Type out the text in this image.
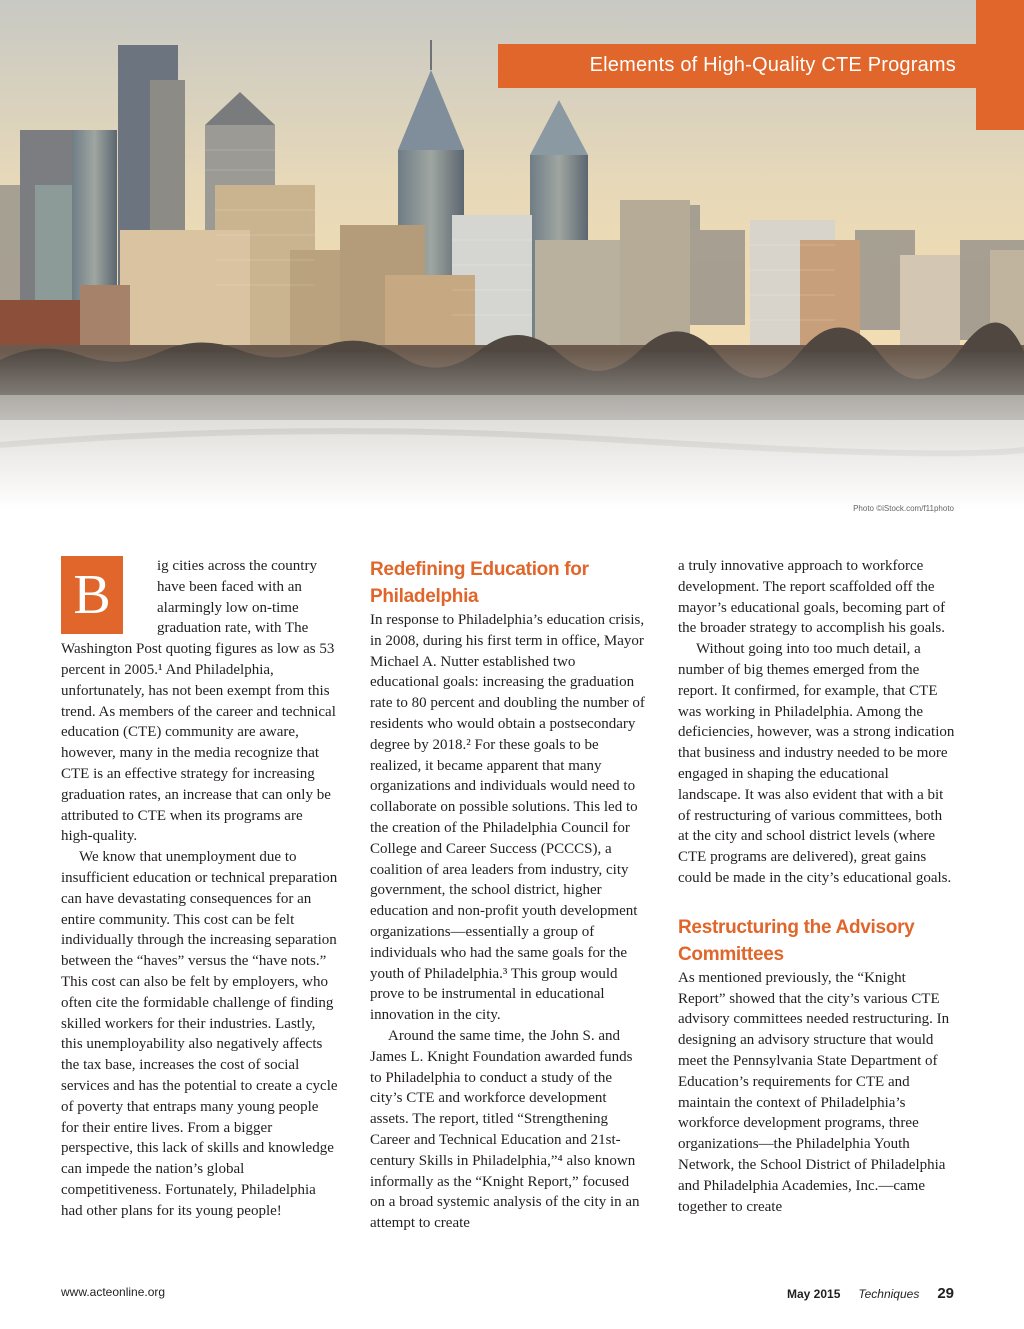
Elements of High-Quality CTE Programs
Photo ©iStock.com/f11photo
B	ig cities across the country have been faced with an alarmingly low on-time graduation rate, with The Washington Post quoting figures as low as 53 percent in 2005.¹ And Philadelphia, unfortunately, has not been exempt from this trend. As members of the career and technical education (CTE) community are aware, however, many in the media recognize that CTE is an effective strategy for increasing graduation rates, an increase that can only be attributed to CTE when its programs are high-quality.

We know that unemployment due to insufficient education or technical preparation can have devastating consequences for an entire community. This cost can be felt individually through the increasing separation between the “haves” versus the “have nots.” This cost can also be felt by employers, who often cite the formidable challenge of finding skilled workers for their industries. Lastly, this unemployability also negatively affects the tax base, increases the cost of social services and has the potential to create a cycle of poverty that entraps many young people for their entire lives. From a bigger perspective, this lack of skills and knowledge can impede the nation’s global competitiveness. Fortunately, Philadelphia had other plans for its young people!

Redefining Education for Philadelphia

In response to Philadelphia’s education crisis, in 2008, during his first term in office, Mayor Michael A. Nutter established two educational goals: increasing the graduation rate to 80 percent and doubling the number of residents who would obtain a postsecondary degree by 2018.² For these goals to be realized, it became apparent that many organizations and individuals would need to collaborate on possible solutions. This led to the creation of the Philadelphia Council for College and Career Success (PCCCS), a coalition of area leaders from industry, city government, the school district, higher education and non-profit youth development organizations—essentially a group of individuals who had the same goals for the youth of Philadelphia.³ This group would prove to be instrumental in educational innovation in the city.

Around the same time, the John S. and James L. Knight Foundation awarded funds to Philadelphia to conduct a study of the city’s CTE and workforce development assets. The report, titled “Strengthening Career and Technical Education and 21st-century Skills in Philadelphia,”⁴ also known informally as the “Knight Report,” focused on a broad systemic analysis of the city in an attempt to create

a truly innovative approach to workforce development. The report scaffolded off the mayor’s educational goals, becoming part of the broader strategy to accomplish his goals.

Without going into too much detail, a number of big themes emerged from the report. It confirmed, for example, that CTE was working in Philadelphia. Among the deficiencies, however, was a strong indication that business and industry needed to be more engaged in shaping the educational landscape. It was also evident that with a bit of restructuring of various committees, both at the city and school district levels (where CTE programs are delivered), great gains could be made in the city’s educational goals.

Restructuring the Advisory Committees

As mentioned previously, the “Knight Report” showed that the city’s various CTE advisory committees needed restructuring. In designing an advisory structure that would meet the Pennsylvania State Department of Education’s requirements for CTE and maintain the context of Philadelphia’s workforce development programs, three organizations—the Philadelphia Youth Network, the School District of Philadelphia and Philadelphia Academies, Inc.—came together to create

www.acteonline.org	May 2015 Techniques 29
